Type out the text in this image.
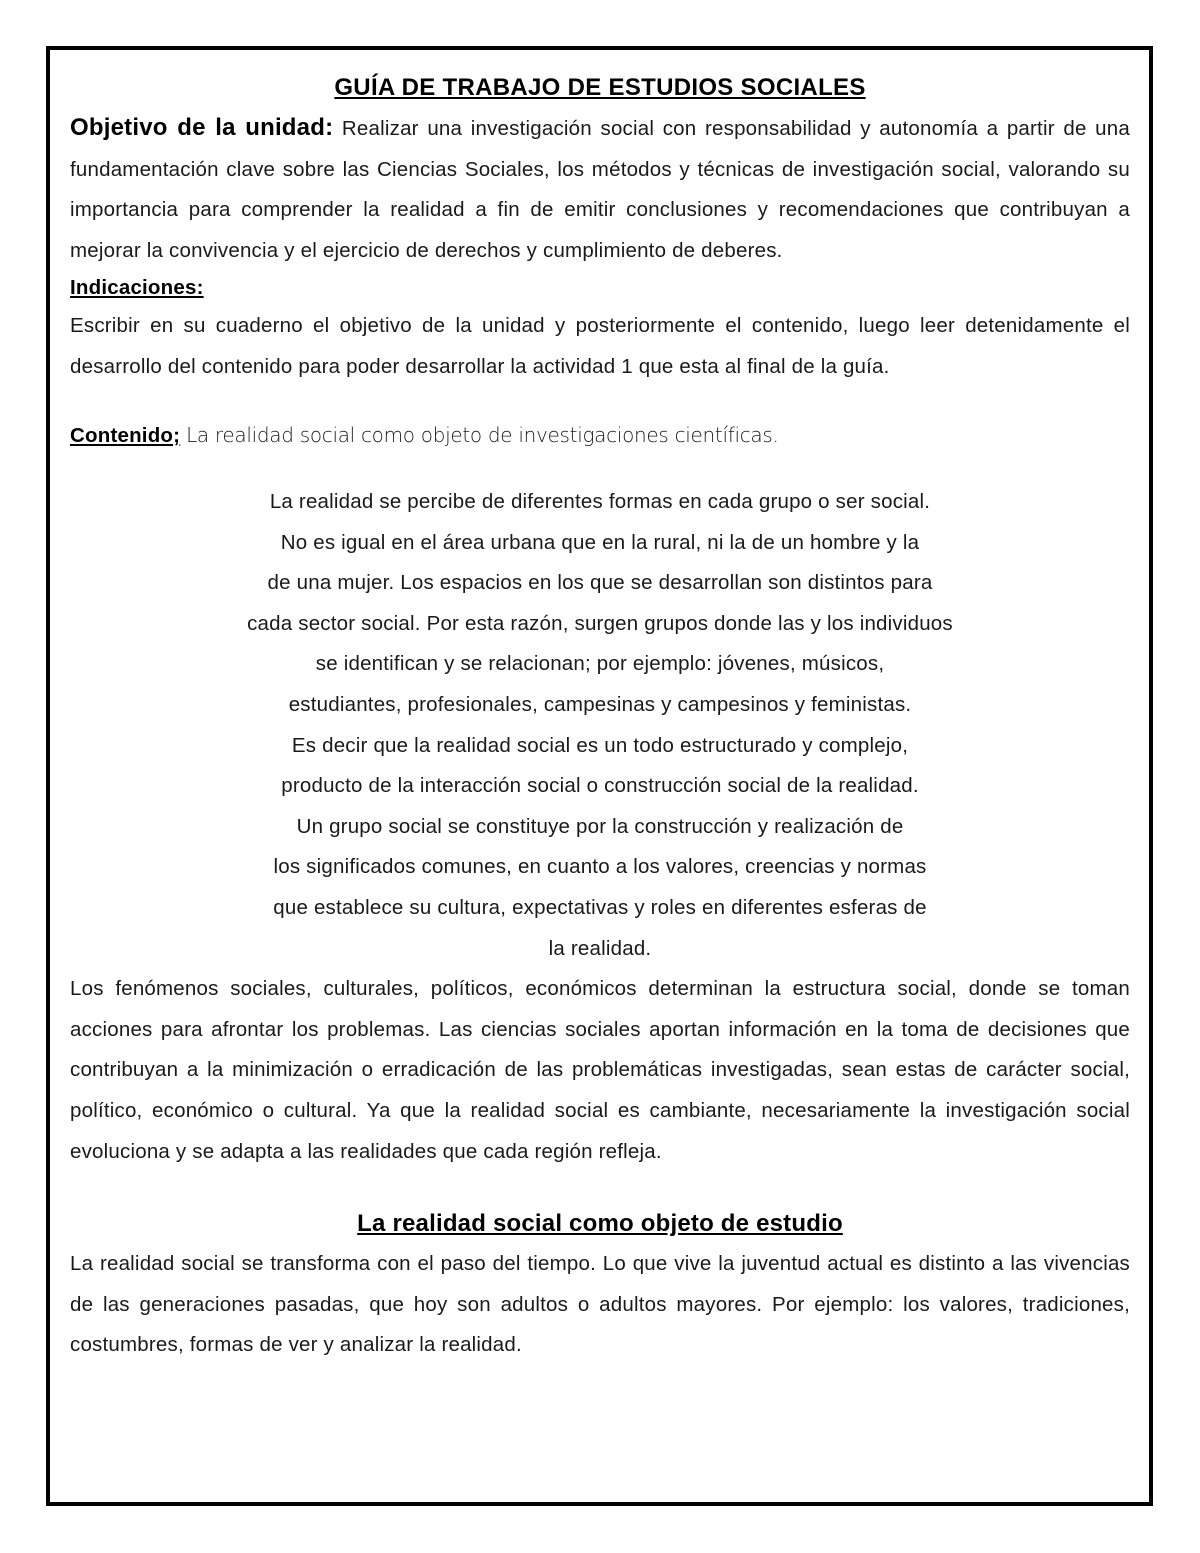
GUÍA DE TRABAJO DE ESTUDIOS SOCIALES

Objetivo de la unidad: Realizar una investigación social con responsabilidad y autonomía a partir de una fundamentación clave sobre las Ciencias Sociales, los métodos y técnicas de investigación social, valorando su importancia para comprender la realidad a fin de emitir conclusiones y recomendaciones que contribuyan a mejorar la convivencia y el ejercicio de derechos y cumplimiento de deberes.

Indicaciones:

Escribir en su cuaderno el objetivo de la unidad y posteriormente el contenido, luego leer detenidamente el desarrollo del contenido para poder desarrollar la actividad 1 que esta al final de la guía.

Contenido; La realidad social como objeto de investigaciones científicas.
La realidad se percibe de diferentes formas en cada grupo o ser social.
No es igual en el área urbana que en la rural, ni la de un hombre y la
de una mujer. Los espacios en los que se desarrollan son distintos para
cada sector social. Por esta razón, surgen grupos donde las y los individuos
se identifican y se relacionan; por ejemplo: jóvenes, músicos,
estudiantes, profesionales, campesinas y campesinos y feministas.
Es decir que la realidad social es un todo estructurado y complejo,
producto de la interacción social o construcción social de la realidad.
Un grupo social se constituye por la construcción y realización de
los significados comunes, en cuanto a los valores, creencias y normas
que establece su cultura, expectativas y roles en diferentes esferas de
la realidad.

Los fenómenos sociales, culturales, políticos, económicos determinan la estructura social, donde se toman acciones para afrontar los problemas. Las ciencias sociales aportan información en la toma de decisiones que contribuyan a la minimización o erradicación de las problemáticas investigadas, sean estas de carácter social, político, económico o cultural. Ya que la realidad social es cambiante, necesariamente la investigación social evoluciona y se adapta a las realidades que cada región refleja.

La realidad social como objeto de estudio

La realidad social se transforma con el paso del tiempo. Lo que vive la juventud actual es distinto a las vivencias de las generaciones pasadas, que hoy son adultos o adultos mayores. Por ejemplo: los valores, tradiciones, costumbres, formas de ver y analizar la realidad.
